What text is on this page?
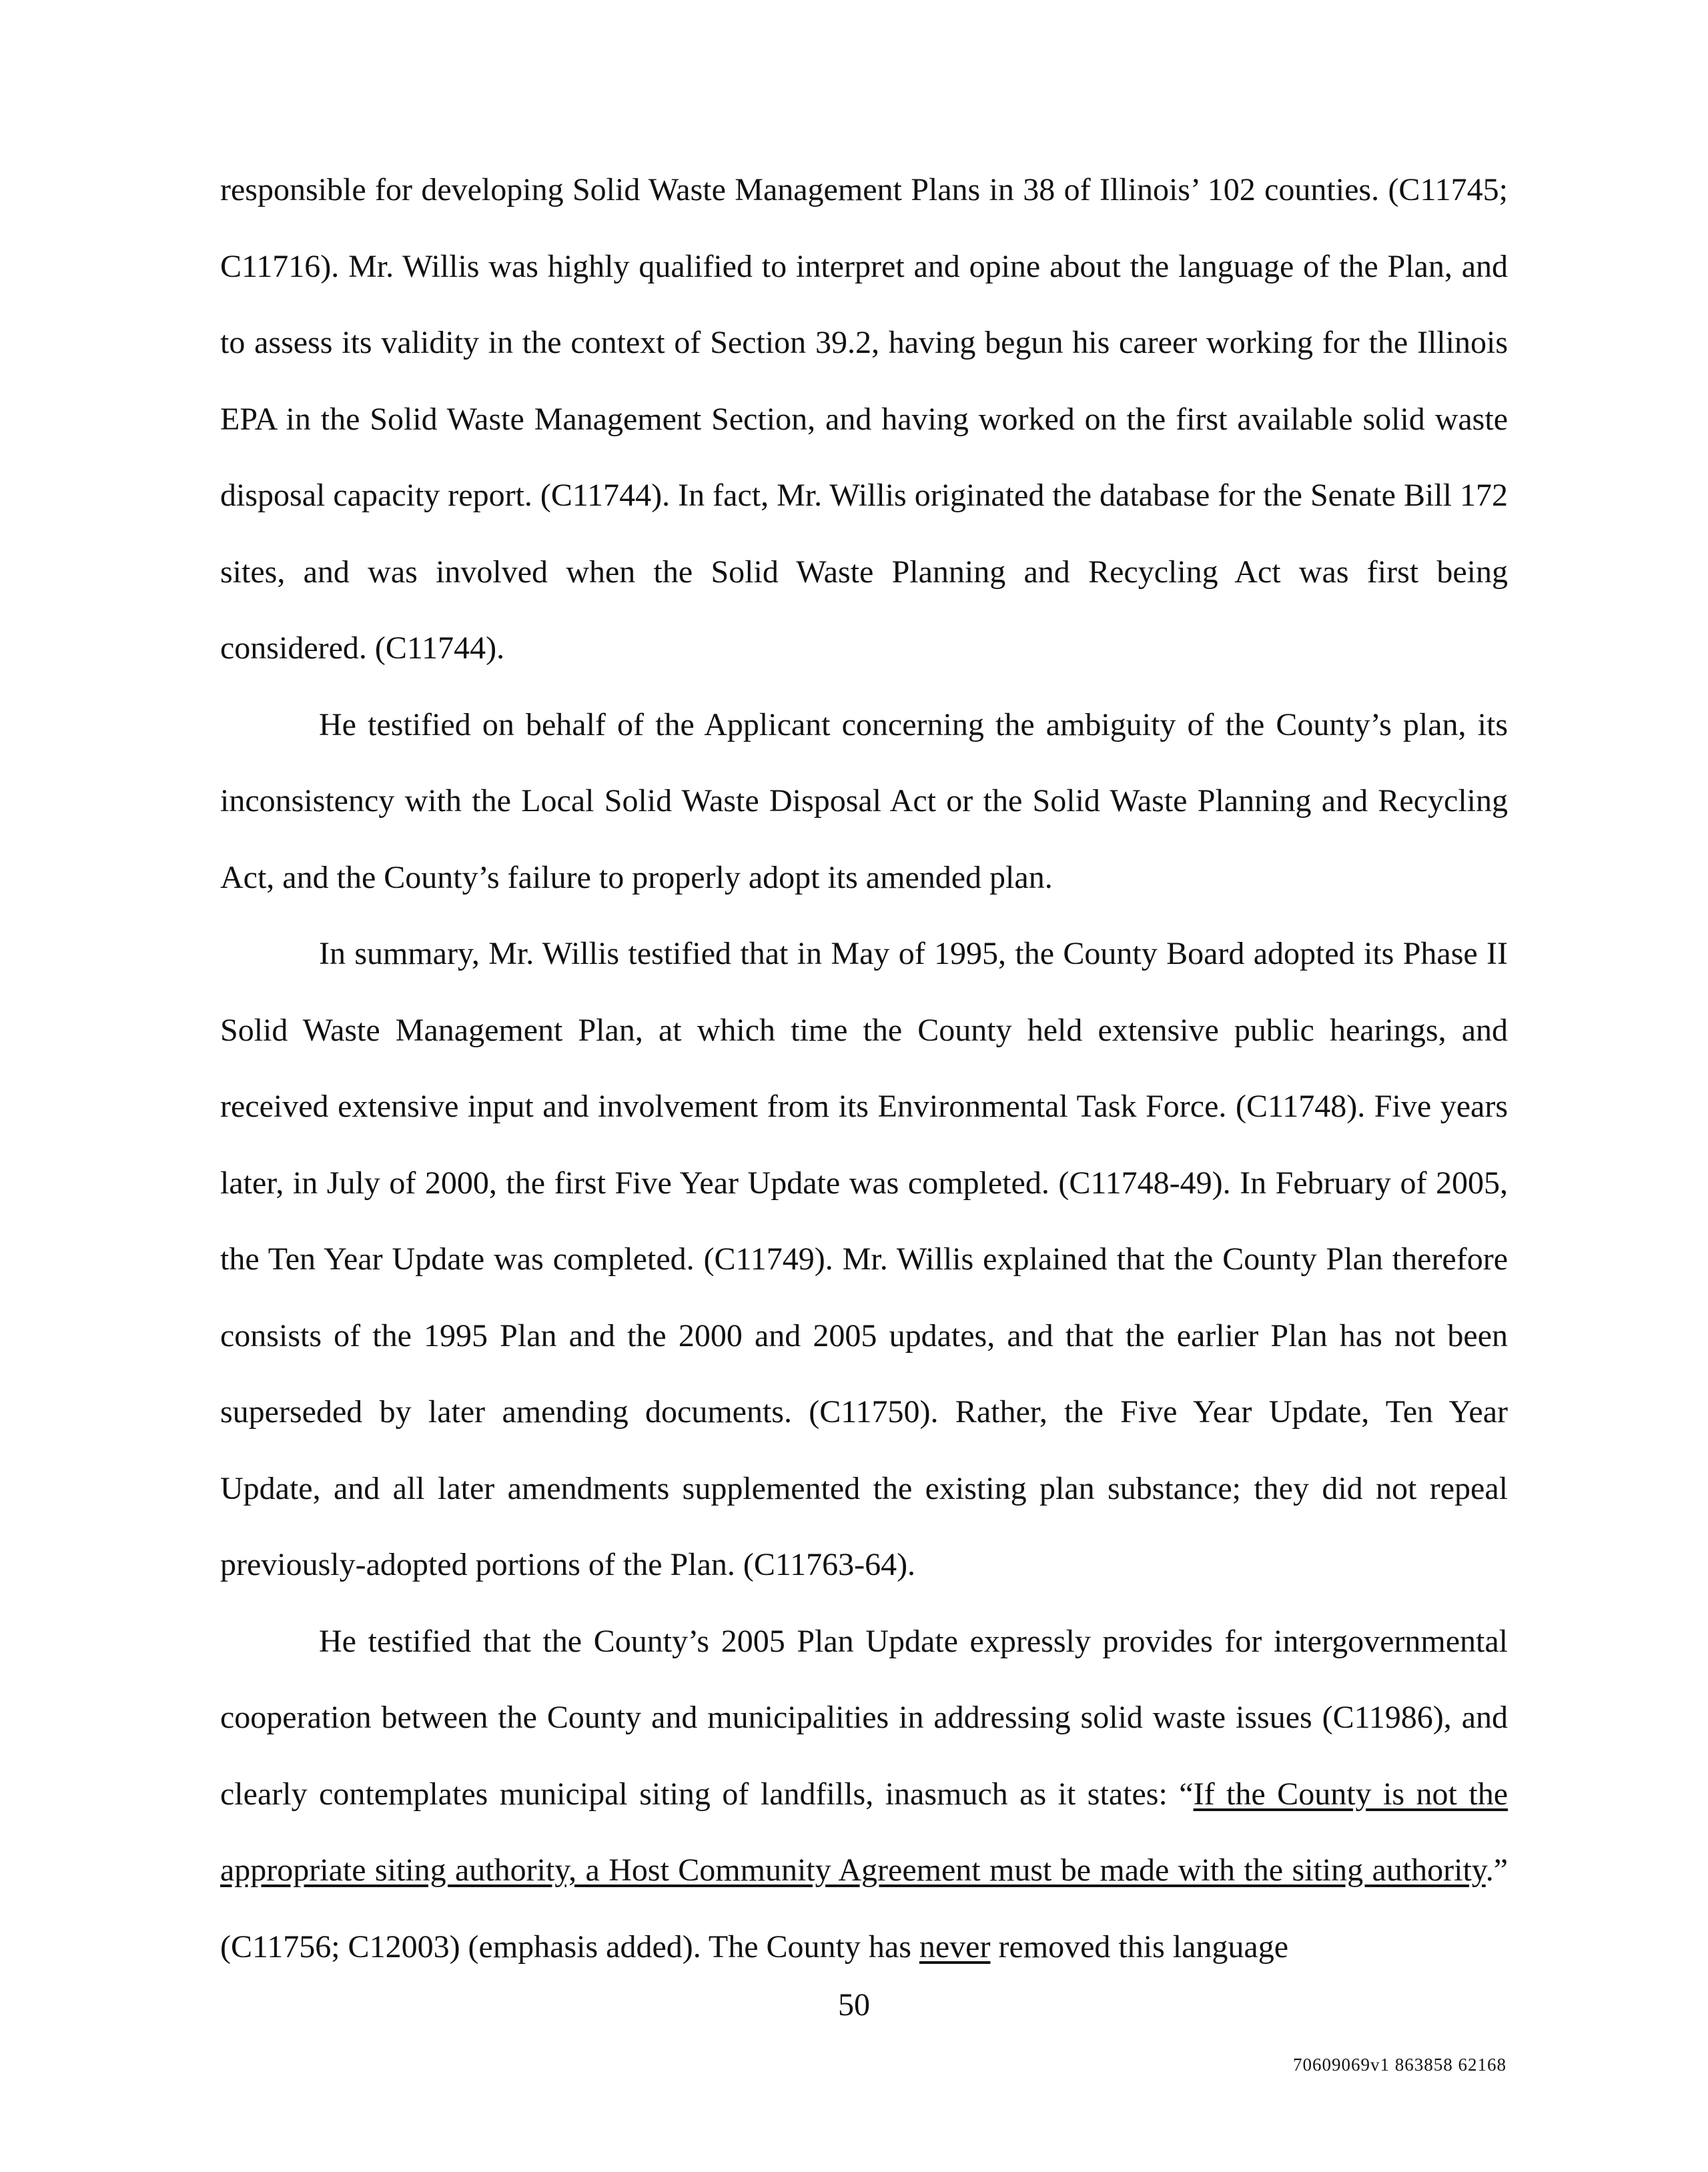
responsible for developing Solid Waste Management Plans in 38 of Illinois’ 102 counties. (C11745; C11716). Mr. Willis was highly qualified to interpret and opine about the language of the Plan, and to assess its validity in the context of Section 39.2, having begun his career working for the Illinois EPA in the Solid Waste Management Section, and having worked on the first available solid waste disposal capacity report. (C11744). In fact, Mr. Willis originated the database for the Senate Bill 172 sites, and was involved when the Solid Waste Planning and Recycling Act was first being considered. (C11744).

He testified on behalf of the Applicant concerning the ambiguity of the County’s plan, its inconsistency with the Local Solid Waste Disposal Act or the Solid Waste Planning and Recycling Act, and the County’s failure to properly adopt its amended plan.

In summary, Mr. Willis testified that in May of 1995, the County Board adopted its Phase II Solid Waste Management Plan, at which time the County held extensive public hearings, and received extensive input and involvement from its Environmental Task Force. (C11748). Five years later, in July of 2000, the first Five Year Update was completed. (C11748-49). In February of 2005, the Ten Year Update was completed. (C11749). Mr. Willis explained that the County Plan therefore consists of the 1995 Plan and the 2000 and 2005 updates, and that the earlier Plan has not been superseded by later amending documents. (C11750). Rather, the Five Year Update, Ten Year Update, and all later amendments supplemented the existing plan substance; they did not repeal previously-adopted portions of the Plan. (C11763-64).

He testified that the County’s 2005 Plan Update expressly provides for intergovernmental cooperation between the County and municipalities in addressing solid waste issues (C11986), and clearly contemplates municipal siting of landfills, inasmuch as it states: “If the County is not the appropriate siting authority, a Host Community Agreement must be made with the siting authority.” (C11756; C12003) (emphasis added). The County has never removed this language

50
70609069v1 863858 62168
